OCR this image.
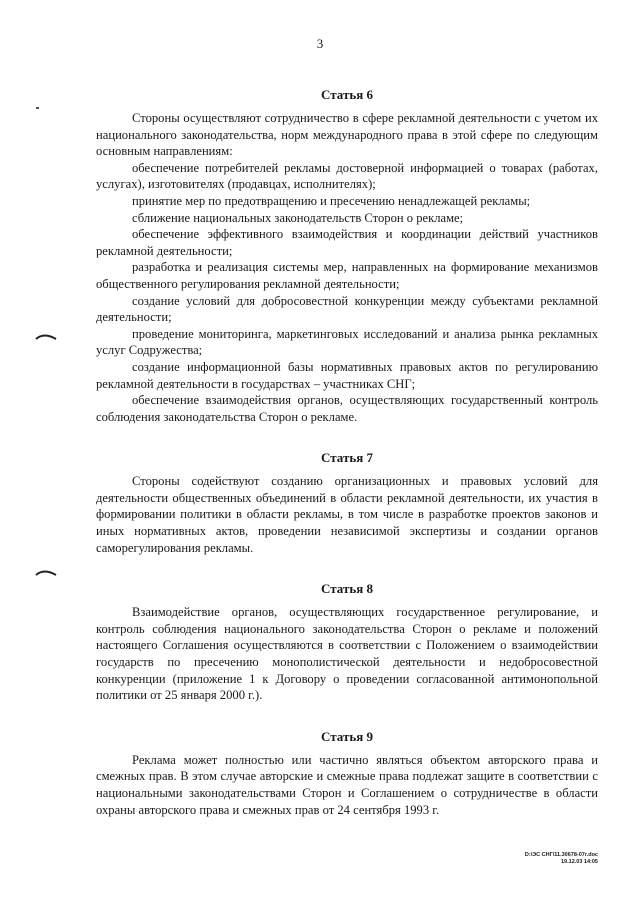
3
Статья 6

Стороны осуществляют сотрудничество в сфере рекламной деятельности с учетом их национального законодательства, норм международного права в этой сфере по следующим основным направлениям:

обеспечение потребителей рекламы достоверной информацией о товарах (работах, услугах), изготовителях (продавцах, исполнителях);

принятие мер по предотвращению и пресечению ненадлежащей рекламы;

сближение национальных законодательств Сторон о рекламе;

обеспечение эффективного взаимодействия и координации действий участников рекламной деятельности;

разработка и реализация системы мер, направленных на формирование механизмов общественного регулирования рекламной деятельности;

создание условий для добросовестной конкуренции между субъектами рекламной деятельности;

проведение мониторинга, маркетинговых исследований и анализа рынка рекламных услуг Содружества;

создание информационной базы нормативных правовых актов по регулированию рекламной деятельности в государствах – участниках СНГ;

обеспечение взаимодействия органов, осуществляющих государственный контроль соблюдения законодательства Сторон о рекламе.

Статья 7

Стороны содействуют созданию организационных и правовых условий для деятельности общественных объединений в области рекламной деятельности, их участия в формировании политики в области рекламы, в том числе в разработке проектов законов и иных нормативных актов, проведении независимой экспертизы и создании органов саморегулирования рекламы.

Статья 8

Взаимодействие органов, осуществляющих государственное регулирование, и контроль соблюдения национального законодательства Сторон о рекламе и положений настоящего Соглашения осуществляются в соответствии с Положением о взаимодействии государств по пресечению монополистической деятельности и недобросовестной конкуренции (приложение 1 к Договору о проведении согласованной антимонопольной политики от 25 января 2000 г.).

Статья 9

Реклама может полностью или частично являться объектом авторского права и смежных прав. В этом случае авторские и смежные права подлежат защите в соответствии с национальными законодательствами Сторон и Соглашением о сотрудничестве в области охраны авторского права и смежных прав от 24 сентября 1993 г.

D:\ЭС СНГ\11.30678-07r.doc
19.12.03 14:05
